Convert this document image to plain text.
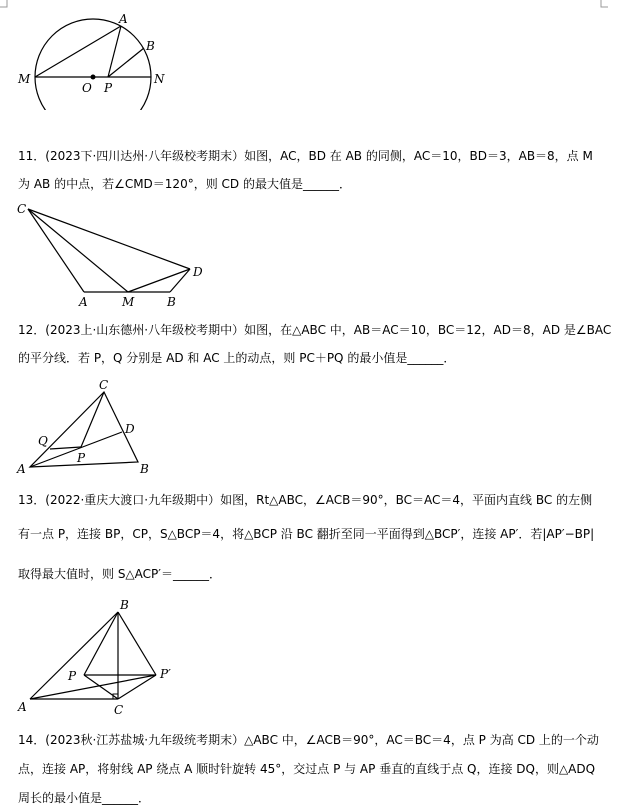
A
B
M	N
O P
11．(2023下·四川达州·八年级校考期末）如图，AC，BD 在 AB 的同侧，AC＝10，BD＝3，AB＝8，点 M
为 AB 的中点，若∠CMD＝120°，则 CD 的最大值是______．
C
D
A	M	B
12．(2023上·山东德州·八年级校考期中）如图，在△ABC 中，AB＝AC＝10，BC＝12，AD＝8，AD 是∠BAC
的平分线．若 P，Q 分别是 AD 和 AC 上的动点，则 PC＋PQ 的最小值是______．
C
D
Q
P
A	B
13．(2022·重庆大渡口·九年级期中）如图，Rt△ABC，∠ACB＝90°，BC＝AC＝4，平面内直线 BC 的左侧
有一点 P，连接 BP，CP，S△BCP＝4，将△BCP 沿 BC 翻折至同一平面得到△BCP′，连接 AP′．若|AP′−BP|
取得最大值时，则 S△ACP′＝______．
B
P	P′
A	C
14．(2023秋·江苏盐城·九年级统考期末）△ABC 中，∠ACB＝90°，AC＝BC＝4，点 P 为高 CD 上的一个动
点，连接 AP，将射线 AP 绕点 A 顺时针旋转 45°，交过点 P 与 AP 垂直的直线于点 Q，连接 DQ，则△ADQ
周长的最小值是______．
